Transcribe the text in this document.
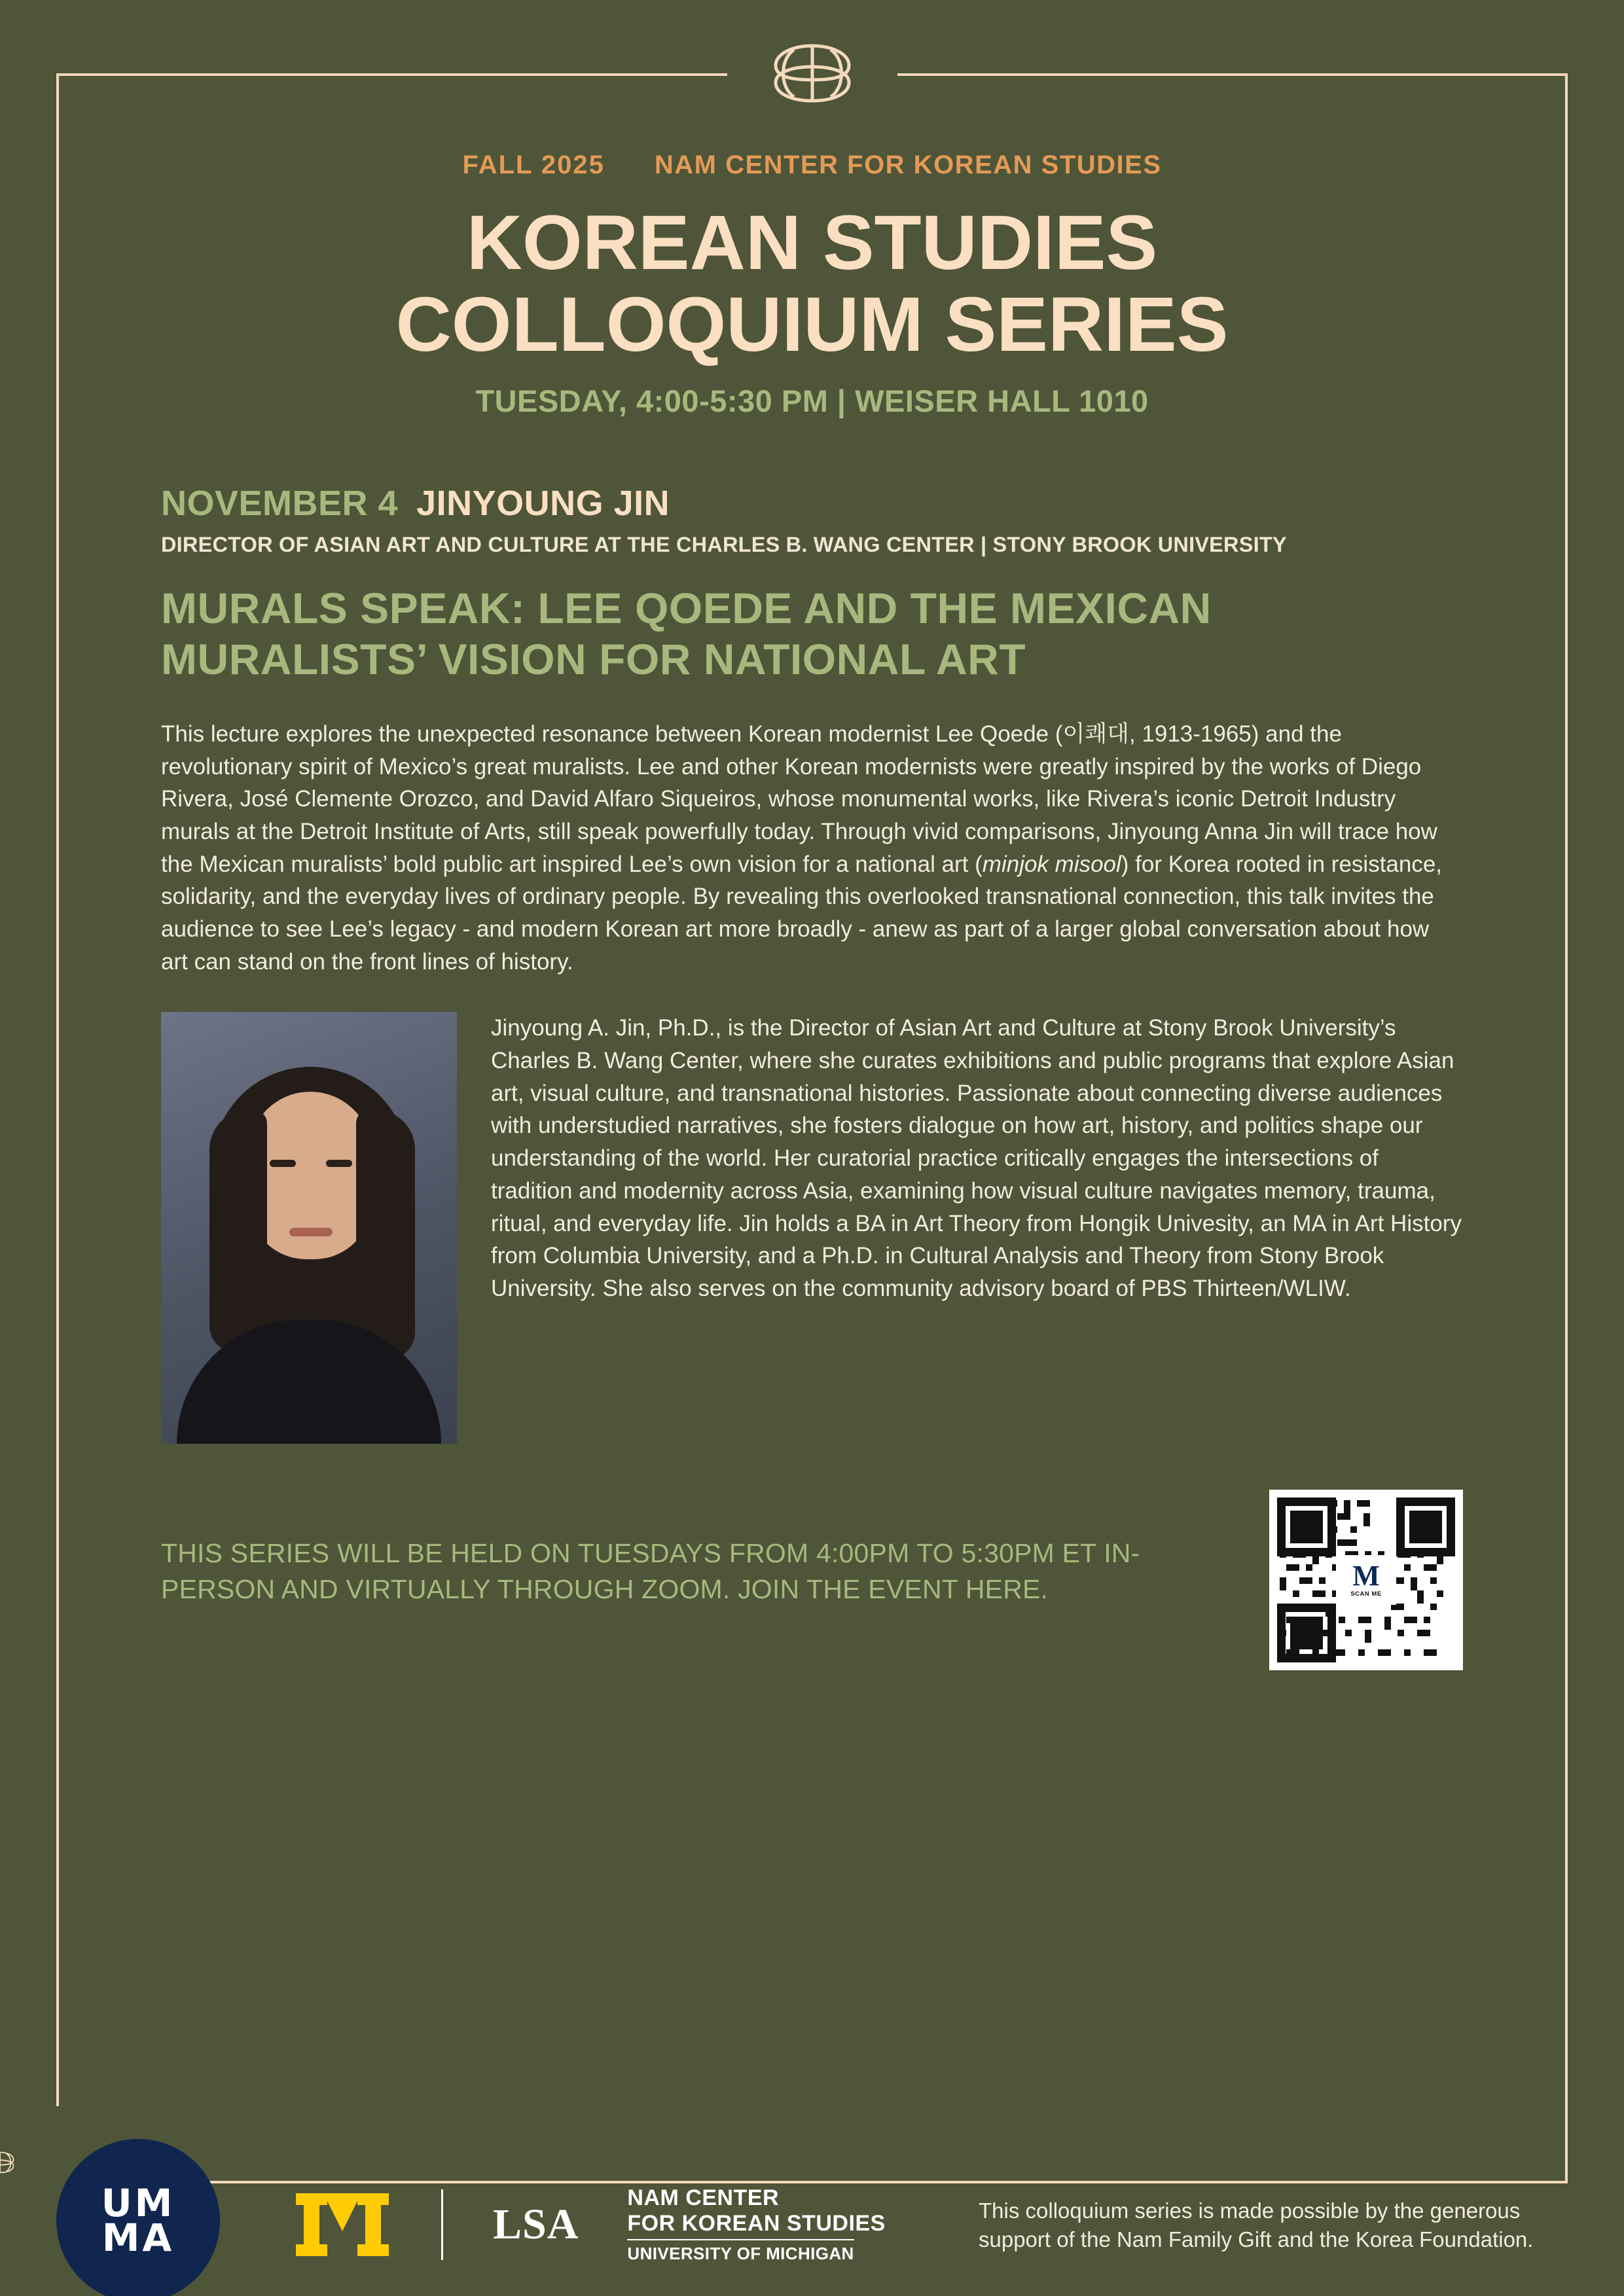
FALL 2025 NAM CENTER FOR KOREAN STUDIES
KOREAN STUDIES
COLLOQUIUM SERIES
TUESDAY, 4:00-5:30 PM | WEISER HALL 1010
NOVEMBER 4 JINYOUNG JIN
DIRECTOR OF ASIAN ART AND CULTURE AT THE CHARLES B. WANG CENTER | STONY BROOK UNIVERSITY
MURALS SPEAK: LEE QOEDE AND THE MEXICAN MURALISTS’ VISION FOR NATIONAL ART
This lecture explores the unexpected resonance between Korean modernist Lee Qoede (이쾌대, 1913-1965) and the revolutionary spirit of Mexico’s great muralists. Lee and other Korean modernists were greatly inspired by the works of Diego Rivera, José Clemente Orozco, and David Alfaro Siqueiros, whose monumental works, like Rivera’s iconic Detroit Industry murals at the Detroit Institute of Arts, still speak powerfully today. Through vivid comparisons, Jinyoung Anna Jin will trace how the Mexican muralists’ bold public art inspired Lee’s own vision for a national art (minjok misool) for Korea rooted in resistance, solidarity, and the everyday lives of ordinary people. By revealing this overlooked transnational connection, this talk invites the audience to see Lee’s legacy - and modern Korean art more broadly - anew as part of a larger global conversation about how art can stand on the front lines of history.
Jinyoung A. Jin, Ph.D., is the Director of Asian Art and Culture at Stony Brook University’s Charles B. Wang Center, where she curates exhibitions and public programs that explore Asian art, visual culture, and transnational histories. Passionate about connecting diverse audiences with understudied narratives, she fosters dialogue on how art, history, and politics shape our understanding of the world. Her curatorial practice critically engages the intersections of tradition and modernity across Asia, examining how visual culture navigates memory, trauma, ritual, and everyday life. Jin holds a BA in Art Theory from Hongik Univesity, an MA in Art History from Columbia University, and a Ph.D. in Cultural Analysis and Theory from Stony Brook University. She also serves on the community advisory board of PBS Thirteen/WLIW.
THIS SERIES WILL BE HELD ON TUESDAYS FROM 4:00PM TO 5:30PM ET IN-PERSON AND VIRTUALLY THROUGH ZOOM. JOIN THE EVENT HERE.	M
SCAN ME
UM
MA	LSA
NAM CENTER
FOR KOREAN STUDIES
UNIVERSITY OF MICHIGAN
This colloquium series is made possible by the generous support of the Nam Family Gift and the Korea Foundation.
